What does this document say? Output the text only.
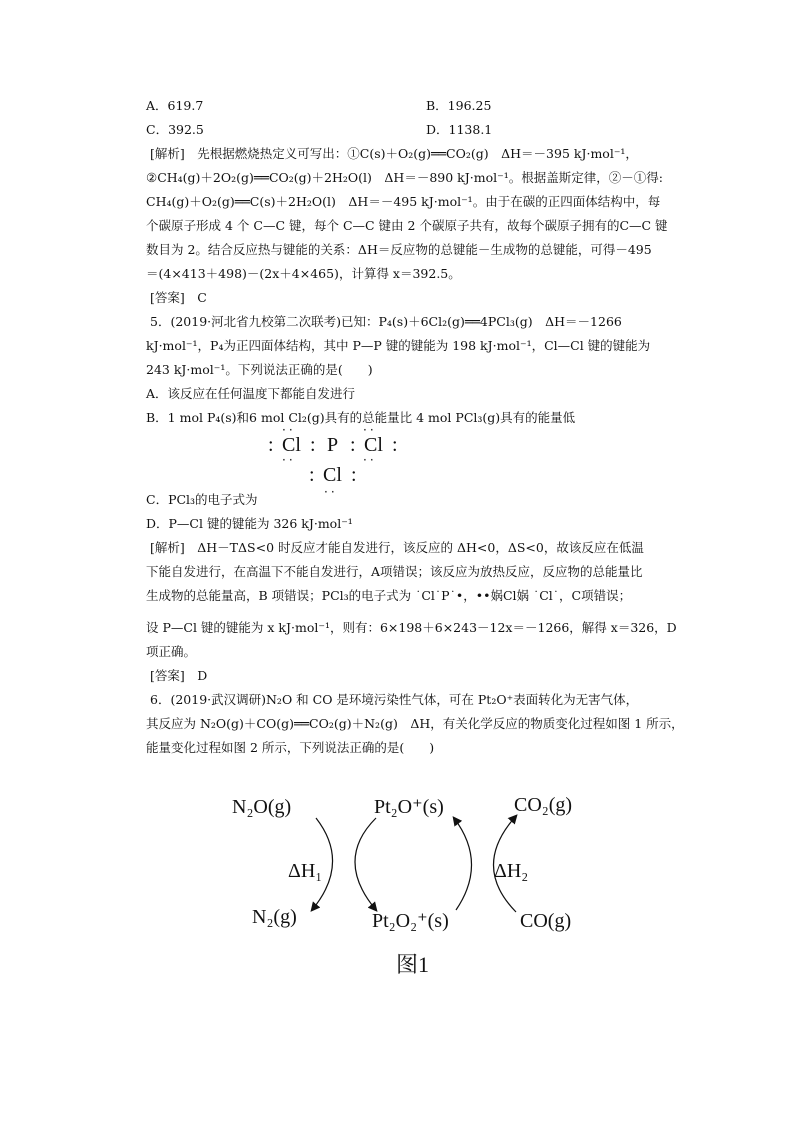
A．619.7	B．196.25
C．392.5	D．1138.1
[解析]　先根据燃烧热定义可写出：①C(s)＋O₂(g)══CO₂(g)　ΔH＝－395 kJ·mol⁻¹，
②CH₄(g)＋2O₂(g)══CO₂(g)＋2H₂O(l)　ΔH＝－890 kJ·mol⁻¹。根据盖斯定律，②－①得:
CH₄(g)＋O₂(g)══C(s)＋2H₂O(l)　ΔH＝－495 kJ·mol⁻¹。由于在碳的正四面体结构中，每
个碳原子形成 4 个 C—C 键，每个 C—C 键由 2 个碳原子共有，故每个碳原子拥有的C—C 键
数目为 2。结合反应热与键能的关系：ΔH＝反应物的总键能－生成物的总键能，可得－495
＝(4×413＋498)－(2x＋4×465)，计算得 x＝392.5。
[答案]　C
5．(2019·河北省九校第二次联考)已知：P₄(s)＋6Cl₂(g)══4PCl₃(g)　ΔH＝－1266
kJ·mol⁻¹，P₄为正四面体结构，其中 P—P 键的键能为 198 kJ·mol⁻¹，Cl—Cl 键的键能为
243 kJ·mol⁻¹。下列说法正确的是(　　)
A．该反应在任何温度下都能自发进行
B．1 mol P₄(s)和6 mol Cl₂(g)具有的总能量比 4 mol PCl₃(g)具有的能量低
··	··
: Cl : P : Cl :
··	··
: Cl :
··
C．PCl₃的电子式为
D．P—Cl 键的键能为 326 kJ·mol⁻¹
[解析]　ΔH－TΔS<0 时反应才能自发进行，该反应的 ΔH<0，ΔS<0，故该反应在低温
下能自发进行，在高温下不能自发进行，A项错误；该反应为放热反应，反应物的总能量比
生成物的总能量高，B 项错误；PCl₃的电子式为 ˙Cl˙P˙•，••娲Cl娲 ˙Cl˙，C项错误；
设 P—Cl 键的键能为 x kJ·mol⁻¹，则有：6×198＋6×243－12x＝－1266，解得 x＝326，D
项正确。
[答案]　D
6．(2019·武汉调研)N₂O 和 CO 是环境污染性气体，可在 Pt₂O⁺表面转化为无害气体，
其反应为 N₂O(g)＋CO(g)══CO₂(g)＋N₂(g)　ΔH，有关化学反应的物质变化过程如图 1 所示，
能量变化过程如图 2 所示，下列说法正确的是(　　)
N₂O(g)	Pt₂O⁺(s)	CO₂(g)
ΔH₁	ΔH₂
N₂(g)	Pt₂O₂⁺(s)	CO(g)
图1
